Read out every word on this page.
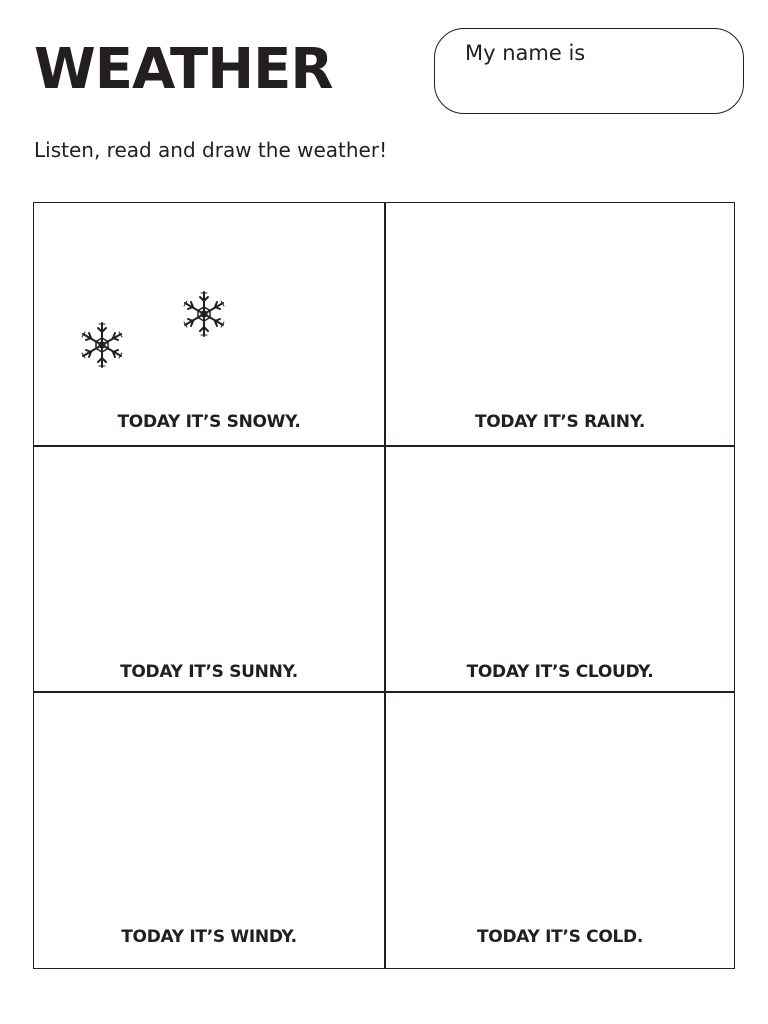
WEATHER	My name is
Listen, read and draw the weather!
TODAY IT’S SNOWY.	TODAY IT’S RAINY.
TODAY IT’S SUNNY.	TODAY IT’S CLOUDY.
TODAY IT’S WINDY.	TODAY IT’S COLD.
